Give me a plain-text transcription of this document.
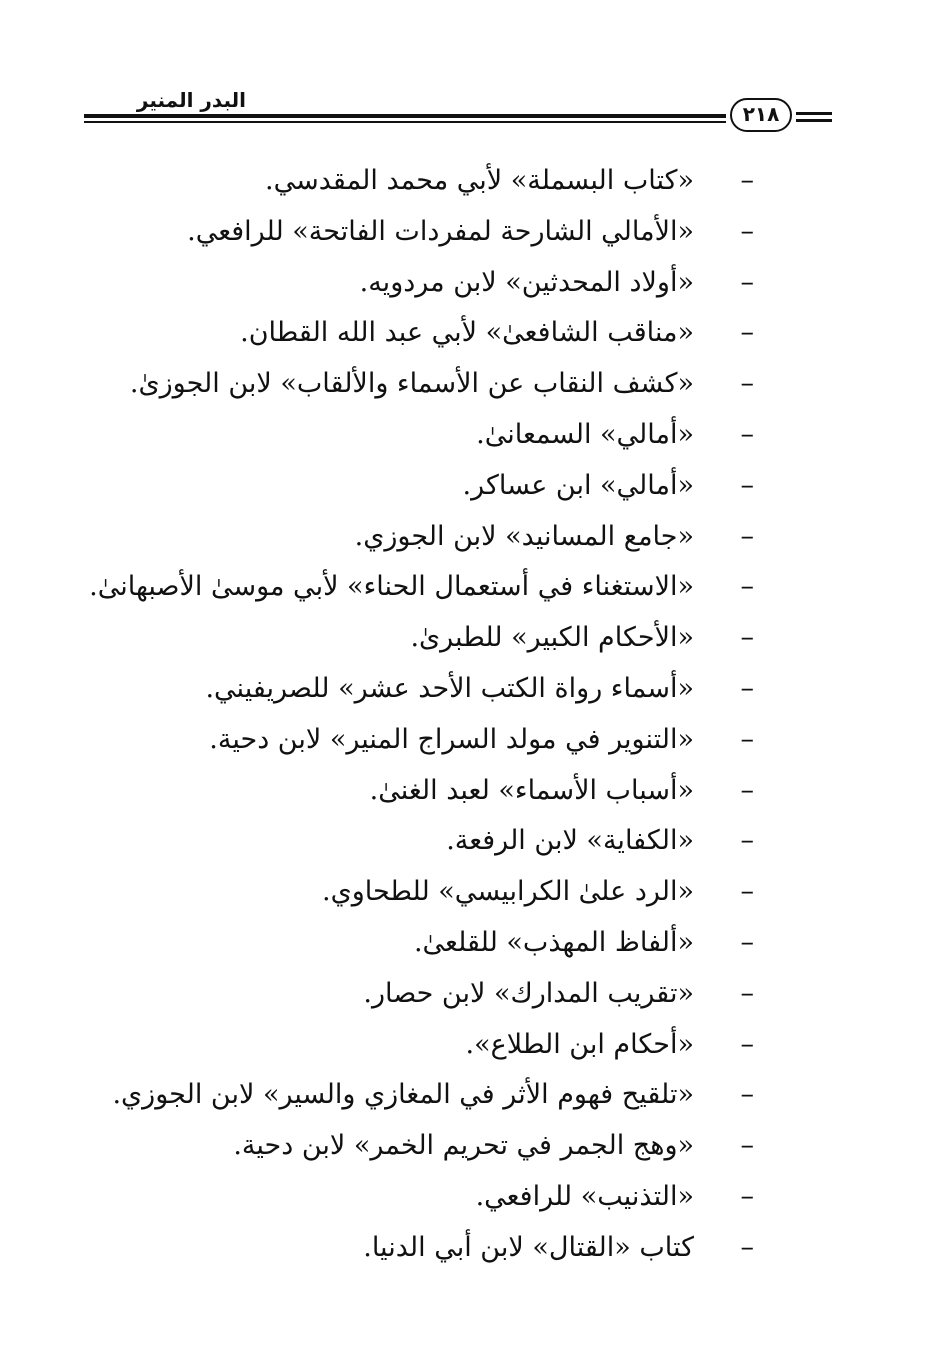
البدر المنير
٢١٨
–
«كتاب البسملة» لأبي محمد المقدسي.
–
«الأمالي الشارحة لمفردات الفاتحة» للرافعي.
–
«أولاد المحدثين» لابن مردويه.
–
«مناقب الشافعىٰ» لأبي عبد الله القطان.
–
«كشف النقاب عن الأسماء والألقاب» لابن الجوزىٰ.
–
«أمالي» السمعانىٰ.
–
«أمالي» ابن عساكر.
–
«جامع المسانيد» لابن الجوزي.
–
«الاستغناء في أستعمال الحناء» لأبي موسىٰ الأصبهانىٰ.
–
«الأحكام الكبير» للطبرىٰ.
–
«أسماء رواة الكتب الأحد عشر» للصريفيني.
–
«التنوير في مولد السراج المنير» لابن دحية.
–
«أسباب الأسماء» لعبد الغنىٰ.
–
«الكفاية» لابن الرفعة.
–
«الرد علىٰ الكرابيسي» للطحاوي.
–
«ألفاظ المهذب» للقلعىٰ.
–
«تقريب المدارك» لابن حصار.
–
«أحكام ابن الطلاع».
–
«تلقيح فهوم الأثر في المغازي والسير» لابن الجوزي.
–
«وهج الجمر في تحريم الخمر» لابن دحية.
–
«التذنيب» للرافعي.
–
كتاب «القتال» لابن أبي الدنيا.
